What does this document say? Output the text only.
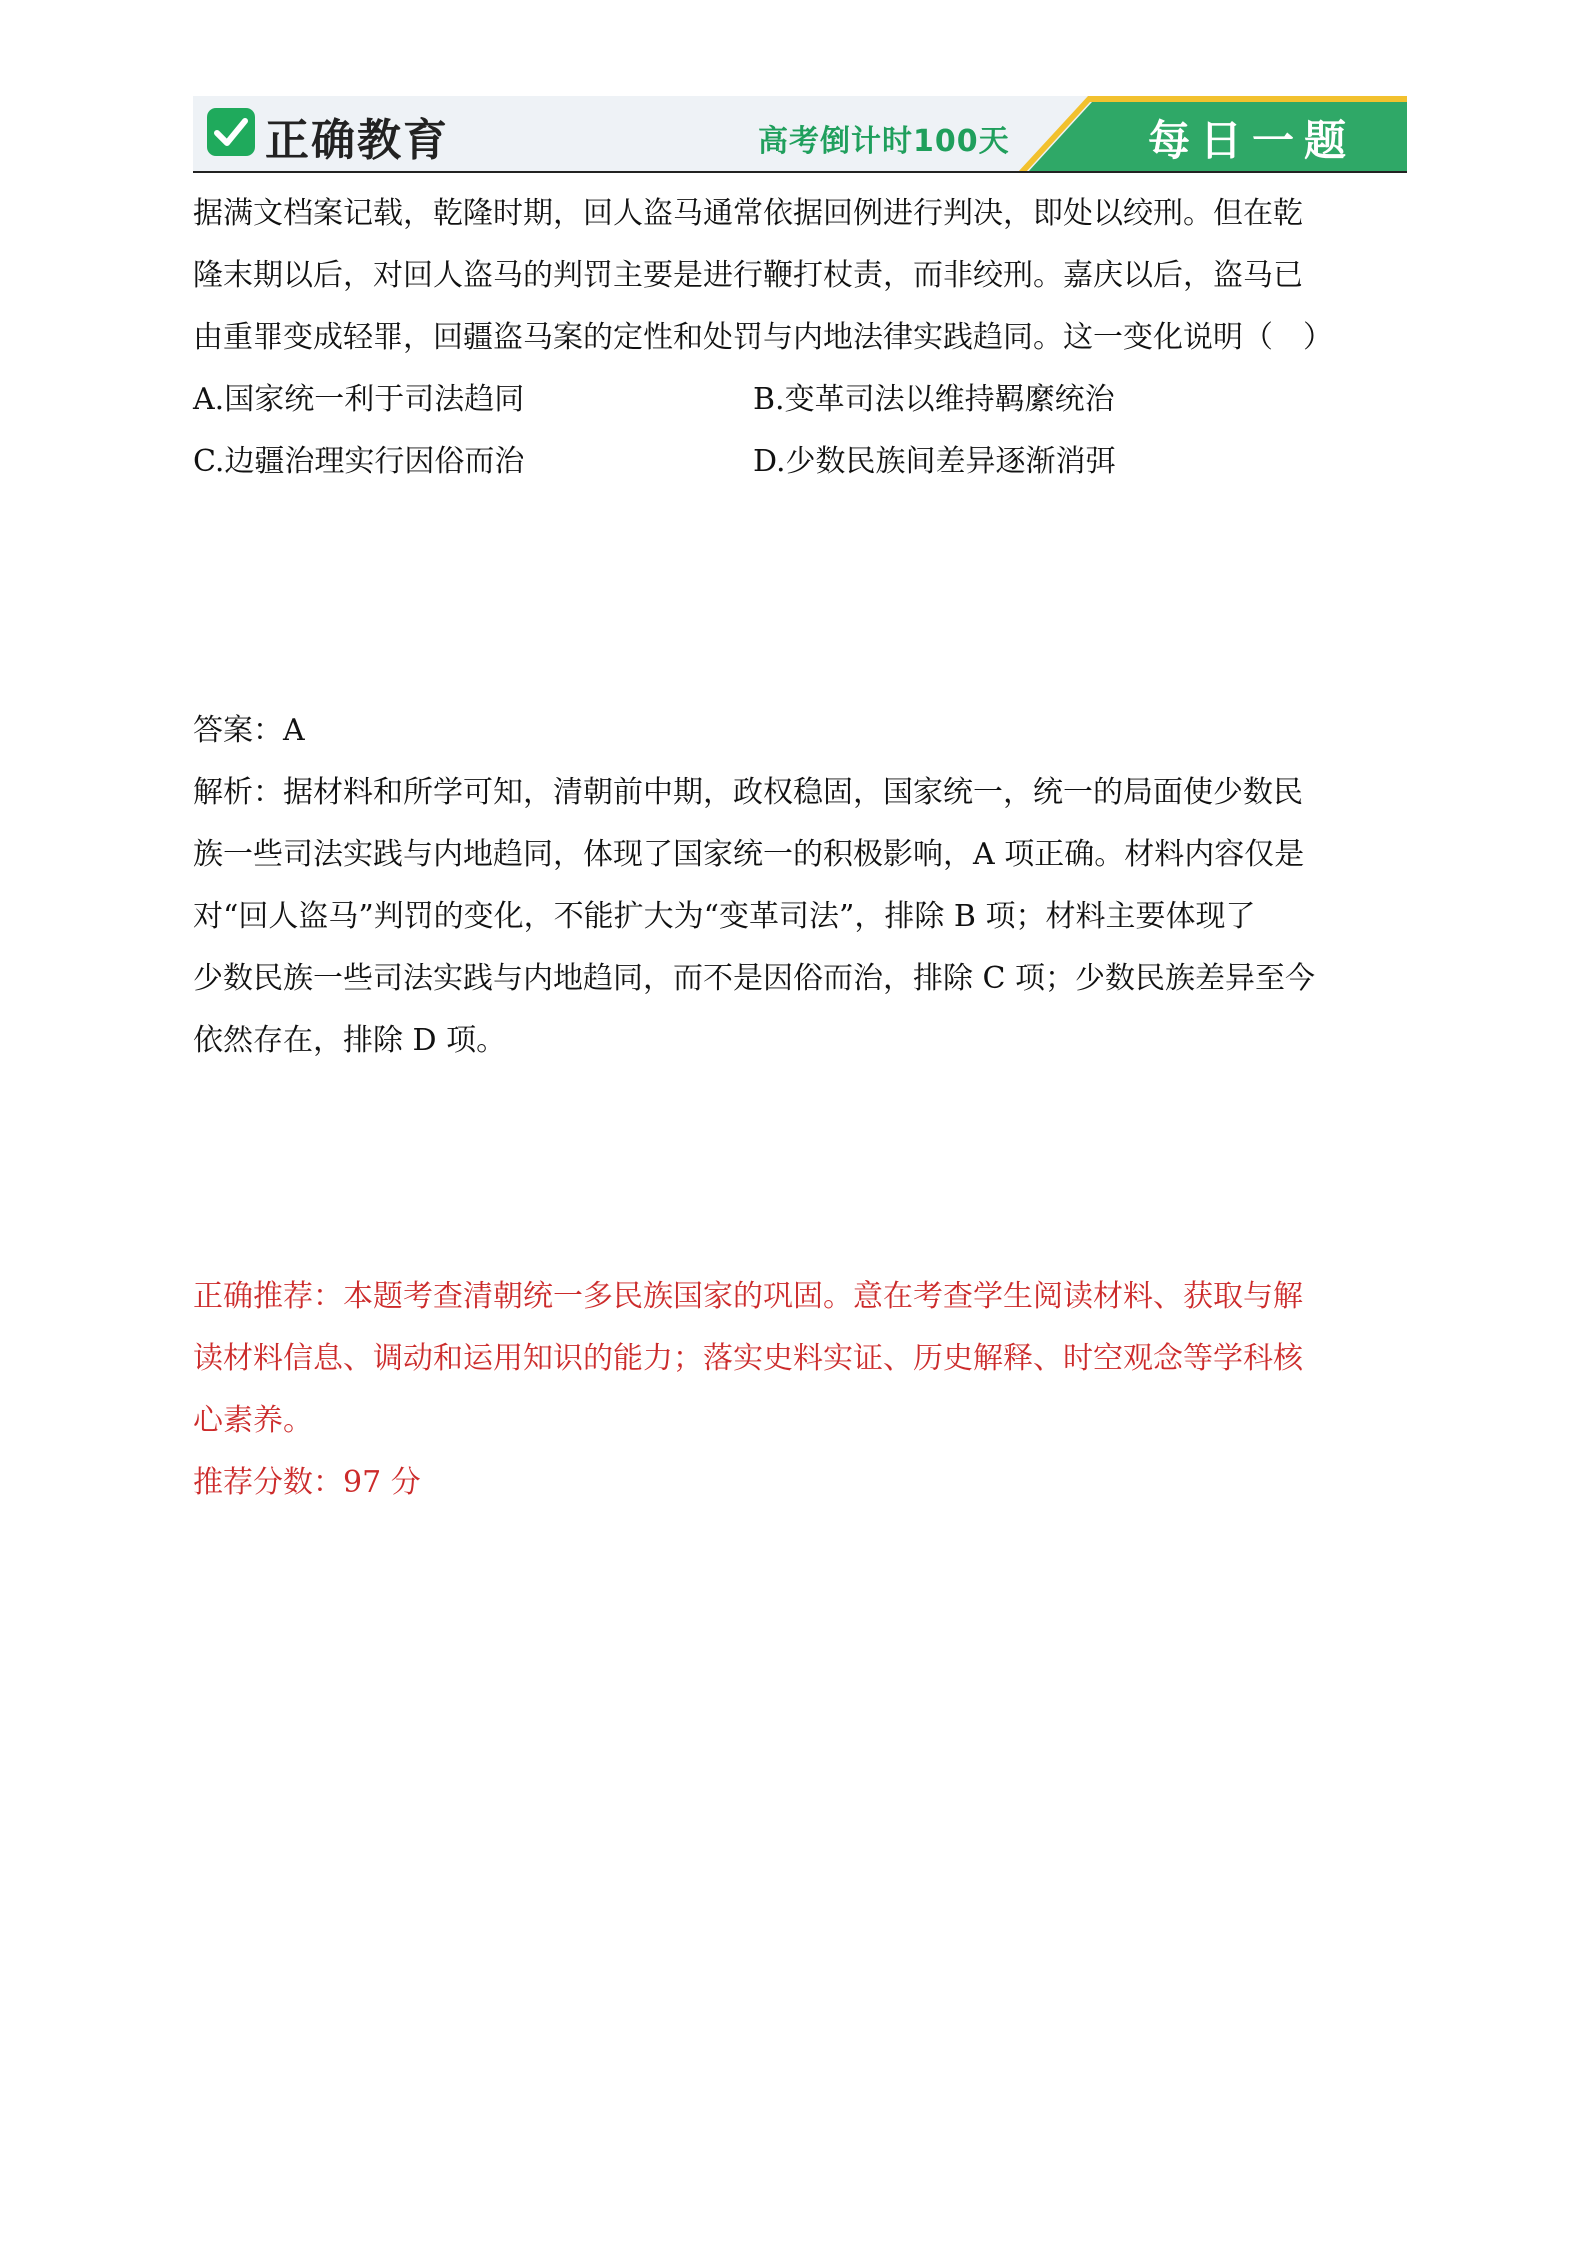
正确教育	高考倒计时100天	每日一题

据满文档案记载，乾隆时期，回人盗马通常依据回例进行判决，即处以绞刑。但在乾

隆末期以后，对回人盗马的判罚主要是进行鞭打杖责，而非绞刑。嘉庆以后，盗马已

由重罪变成轻罪，回疆盗马案的定性和处罚与内地法律实践趋同。这一变化说明（　）

A.国家统一利于司法趋同	B.变革司法以维持羁縻统治
C.边疆治理实行因俗而治	D.少数民族间差异逐渐消弭

答案：A

解析：据材料和所学可知，清朝前中期，政权稳固，国家统一，统一的局面使少数民

族一些司法实践与内地趋同，体现了国家统一的积极影响，A 项正确。材料内容仅是

对“回人盗马”判罚的变化，不能扩大为“变革司法”，排除 B 项；材料主要体现了

少数民族一些司法实践与内地趋同，而不是因俗而治，排除 C 项；少数民族差异至今

依然存在，排除 D 项。

正确推荐：本题考查清朝统一多民族国家的巩固。意在考查学生阅读材料、获取与解

读材料信息、调动和运用知识的能力；落实史料实证、历史解释、时空观念等学科核

心素养。

推荐分数：97 分
